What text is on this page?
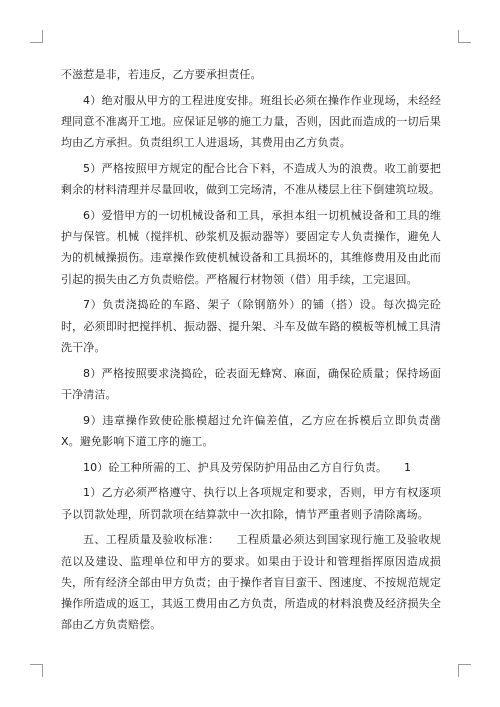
不滋惹是非，若违反，乙方要承担责任。

4）绝对服从甲方的工程进度安排。班组长必须在操作作业现场，未经经理同意不准离开工地。应保证足够的施工力量，否则，因此而造成的一切后果均由乙方承担。负责组织工人进退场，其费用由乙方负责。

5）严格按照甲方规定的配合比合下料，不造成人为的浪费。收工前要把剩余的材料清理并尽量回收，做到工完场清，不准从楼层上往下倒建筑垃圾。

6）爱惜甲方的一切机械设备和工具，承担本组一切机械设备和工具的维护与保管。机械（搅拌机、砂浆机及振动器等）要固定专人负责操作，避免人为的机械操损伤。违章操作致使机械设备和工具损坏的，其维修费用及由此而引起的损失由乙方负责赔偿。严格履行材物领（借）用手续，工完退回。

7）负责浇捣砼的车路、架子（除钢筋外）的铺（搭）设。每次捣完砼时，必须即时把搅拌机、振动器、提升架、斗车及做车路的模板等机械工具清洗干净。

8）严格按照要求浇捣砼，砼表面无蜂窝、麻面，确保砼质量；保持场面干净清洁。

9）违章操作致使砼胀模超过允许偏差值，乙方应在拆模后立即负责凿X。避免影响下道工序的施工。

10）砼工种所需的工、护具及劳保防护用品由乙方自行负责。　　1

1）乙方必须严格遵守、执行以上各项规定和要求，否则，甲方有权逐项予以罚款处理，所罚款项在结算款中一次扣除，情节严重者则予清除离场。

五、工程质量及验收标准：　　工程质量必须达到国家现行施工及验收规范以及建设、监理单位和甲方的要求。如果由于设计和管理指挥原因造成损失，所有经济全部由甲方负责；由于操作者盲目蛮干、图速度、不按规范规定操作所造成的返工，其返工费用由乙方负责，所造成的材料浪费及经济损失全部由乙方负责赔偿。
